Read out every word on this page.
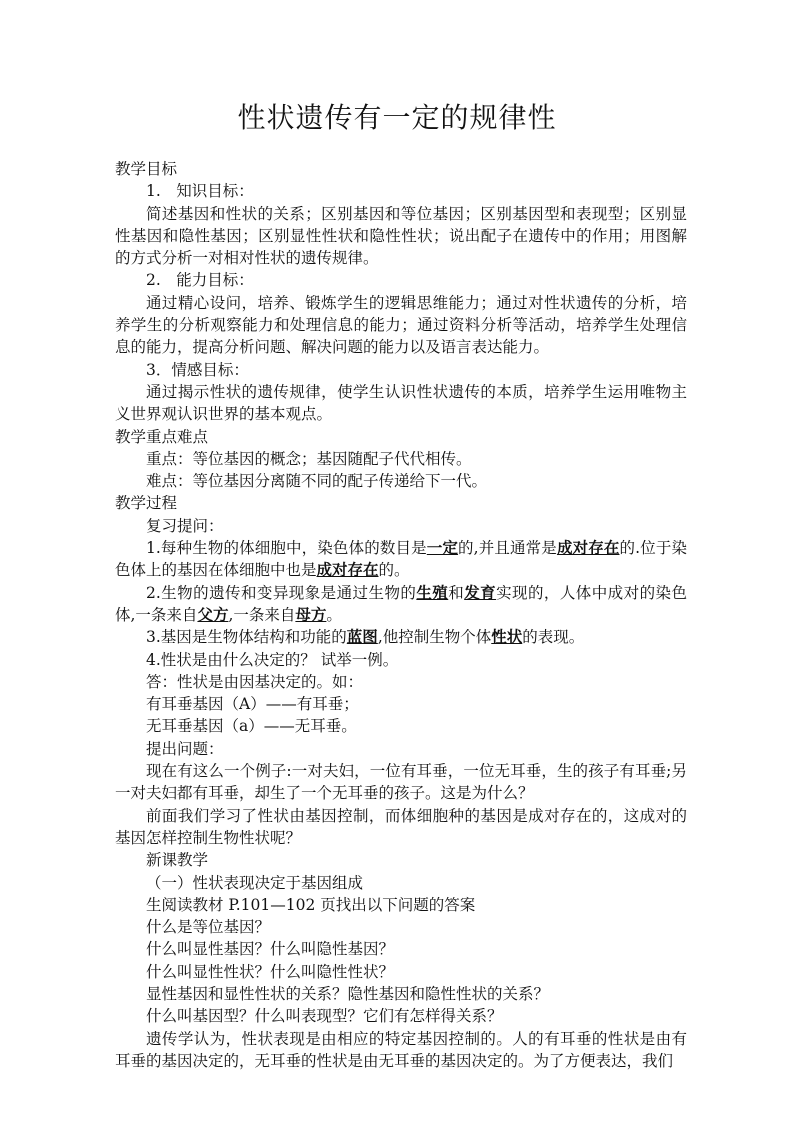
性状遗传有一定的规律性

教学目标

1.　知识目标：

简述基因和性状的关系；区别基因和等位基因；区别基因型和表现型；区别显性基因和隐性基因；区别显性性状和隐性性状；说出配子在遗传中的作用；用图解的方式分析一对相对性状的遗传规律。

2.　能力目标：

通过精心设问，培养、锻炼学生的逻辑思维能力；通过对性状遗传的分析，培养学生的分析观察能力和处理信息的能力；通过资料分析等活动，培养学生处理信息的能力，提高分析问题、解决问题的能力以及语言表达能力。

3．情感目标：

通过揭示性状的遗传规律，使学生认识性状遗传的本质，培养学生运用唯物主义世界观认识世界的基本观点。

教学重点难点

重点：等位基因的概念；基因随配子代代相传。

难点：等位基因分离随不同的配子传递给下一代。

教学过程

复习提问：

1.每种生物的体细胞中，染色体的数目是一定的,并且通常是成对存在的.位于染色体上的基因在体细胞中也是成对存在的。

2.生物的遗传和变异现象是通过生物的生殖和发育实现的，人体中成对的染色体,一条来自父方,一条来自母方。

3.基因是生物体结构和功能的蓝图,他控制生物个体性状的表现。

4.性状是由什么决定的？ 试举一例。

答：性状是由因基决定的。如：

有耳垂基因（A）——有耳垂；

无耳垂基因（a）——无耳垂。

提出问题：

现在有这么一个例子:一对夫妇，一位有耳垂，一位无耳垂，生的孩子有耳垂;另一对夫妇都有耳垂，却生了一个无耳垂的孩子。这是为什么？

前面我们学习了性状由基因控制，而体细胞种的基因是成对存在的，这成对的基因怎样控制生物性状呢？

新课教学

（一）性状表现决定于基因组成

生阅读教材 P.101—102 页找出以下问题的答案

什么是等位基因？

什么叫显性基因？什么叫隐性基因？

什么叫显性性状？什么叫隐性性状？

显性基因和显性性状的关系？隐性基因和隐性性状的关系？

什么叫基因型？什么叫表现型？它们有怎样得关系？

遗传学认为，性状表现是由相应的特定基因控制的。人的有耳垂的性状是由有耳垂的基因决定的，无耳垂的性状是由无耳垂的基因决定的。为了方便表达，我们
